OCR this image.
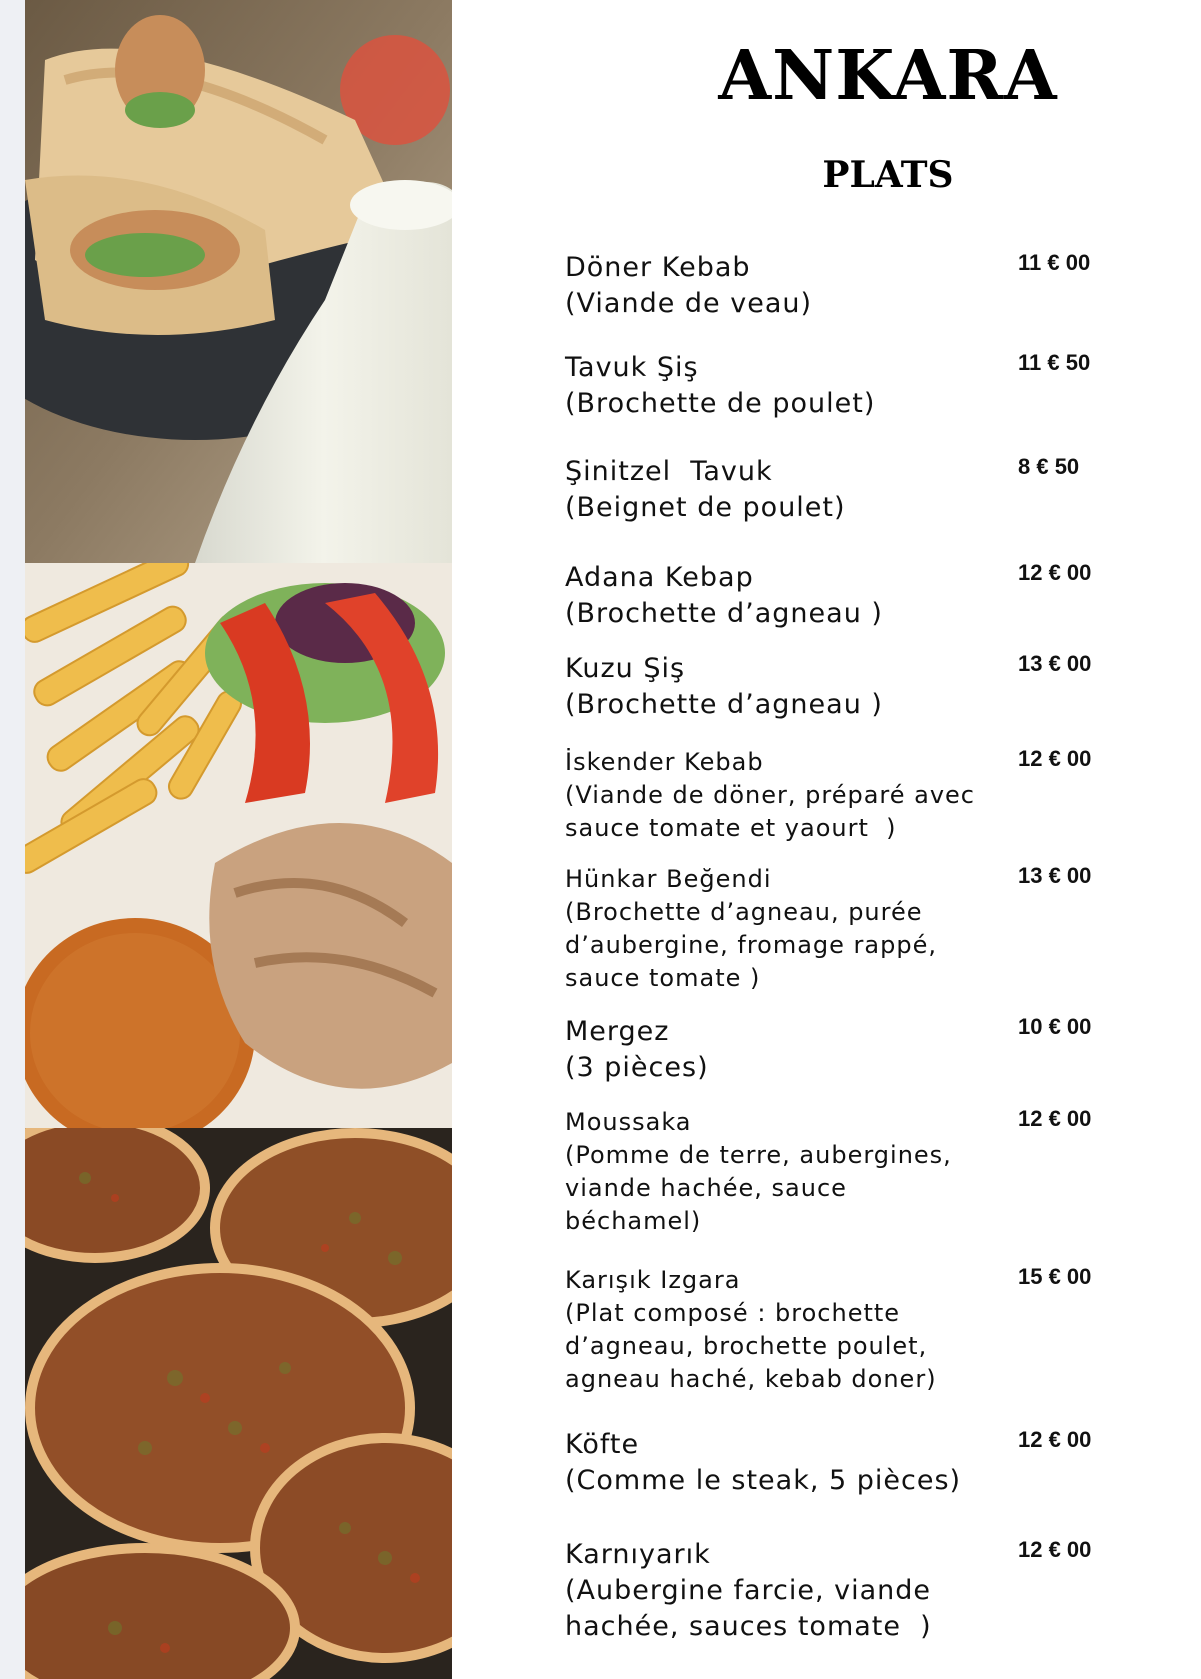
ANKARA
PLATS
Döner Kebab
(Viande de veau)
11 € 00
Tavuk Şiş
(Brochette de poulet)
11 € 50
Şinitzel  Tavuk
(Beignet de poulet)
8 € 50
Adana Kebap
(Brochette d’agneau )
12 € 00
Kuzu Şiş
(Brochette d’agneau )
13 € 00
İskender Kebab
(Viande de döner, préparé avec sauce tomate et yaourt  )
12 € 00
Hünkar Beğendi
(Brochette d’agneau, purée d’aubergine, fromage rappé, sauce tomate )
13 € 00
Mergez
(3 pièces)
10 € 00
Moussaka
(Pomme de terre, aubergines, viande hachée, sauce béchamel)
12 € 00
Karışık Izgara
(Plat composé : brochette d’agneau, brochette poulet, agneau haché, kebab doner)
15 € 00
Köfte
(Comme le steak, 5 pièces)
12 € 00
Karnıyarık
(Aubergine farcie, viande hachée, sauces tomate  )
12 € 00
